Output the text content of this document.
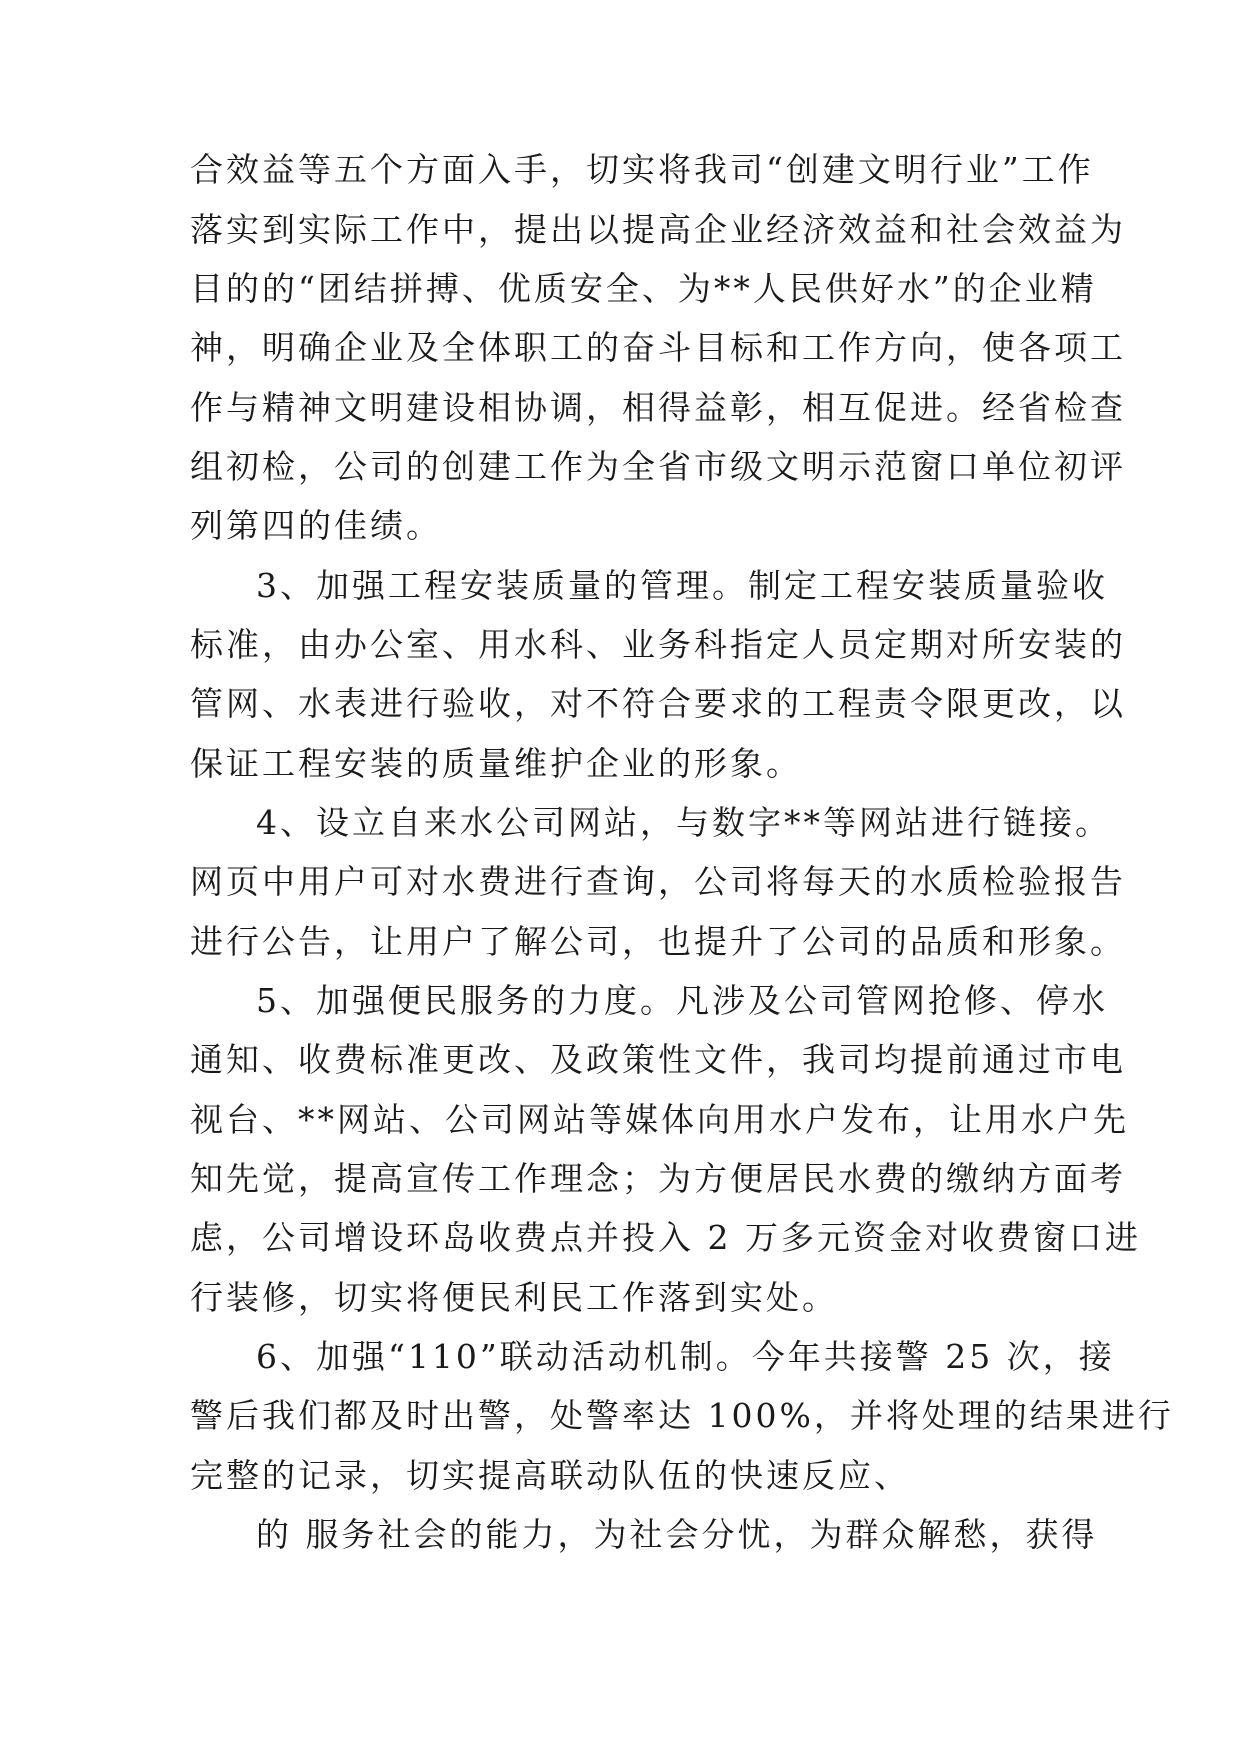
合效益等五个方面入手，切实将我司“创建文明行业”工作
落实到实际工作中，提出以提高企业经济效益和社会效益为
目的的“团结拼搏、优质安全、为**人民供好水”的企业精
神，明确企业及全体职工的奋斗目标和工作方向，使各项工
作与精神文明建设相协调，相得益彰，相互促进。经省检查
组初检，公司的创建工作为全省市级文明示范窗口单位初评
列第四的佳绩。
3、加强工程安装质量的管理。制定工程安装质量验收
标准，由办公室、用水科、业务科指定人员定期对所安装的
管网、水表进行验收，对不符合要求的工程责令限更改，以
保证工程安装的质量维护企业的形象。
4、设立自来水公司网站，与数字**等网站进行链接。
网页中用户可对水费进行查询，公司将每天的水质检验报告
进行公告，让用户了解公司，也提升了公司的品质和形象。
5、加强便民服务的力度。凡涉及公司管网抢修、停水
通知、收费标准更改、及政策性文件，我司均提前通过市电
视台、**网站、公司网站等媒体向用水户发布，让用水户先
知先觉，提高宣传工作理念；为方便居民水费的缴纳方面考
虑，公司增设环岛收费点并投入 2 万多元资金对收费窗口进
行装修，切实将便民利民工作落到实处。
6、加强“110”联动活动机制。今年共接警 25 次，接
警后我们都及时出警，处警率达 100%，并将处理的结果进行
完整的记录，切实提高联动队伍的快速反应、
的 服务社会的能力，为社会分忧，为群众解愁，获得
